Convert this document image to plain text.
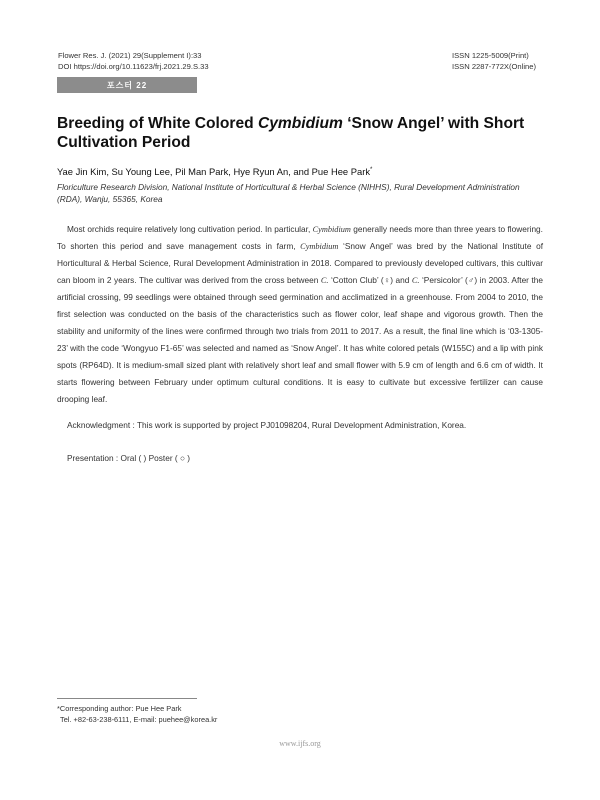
Flower Res. J. (2021) 29(Supplement I):33
DOI https://doi.org/10.11623/frj.2021.29.S.33
ISSN 1225-5009(Print)
ISSN 2287-772X(Online)
포스터 22
Breeding of White Colored Cymbidium ‘Snow Angel’ with Short Cultivation Period
Yae Jin Kim, Su Young Lee, Pil Man Park, Hye Ryun An, and Pue Hee Park*
Floriculture Research Division, National Institute of Horticultural & Herbal Science (NIHHS), Rural Development Administration (RDA), Wanju, 55365, Korea
Most orchids require relatively long cultivation period. In particular, Cymbidium generally needs more than three years to flowering. To shorten this period and save management costs in farm, Cymbidium ‘Snow Angel’ was bred by the National Institute of Horticultural & Herbal Science, Rural Development Administration in 2018. Compared to previously developed cultivars, this cultivar can bloom in 2 years. The cultivar was derived from the cross between C. ‘Cotton Club’ (♀) and C. ‘Persicolor’ (♂) in 2003. After the artificial crossing, 99 seedlings were obtained through seed germination and acclimatized in a greenhouse. From 2004 to 2010, the first selection was conducted on the basis of the characteristics such as flower color, leaf shape and vigorous growth. Then the stability and uniformity of the lines were confirmed through two trials from 2011 to 2017. As a result, the final line which is ‘03-1305-23’ with the code ‘Wongyuo F1-65’ was selected and named as ‘Snow Angel’. It has white colored petals (W155C) and a lip with pink spots (RP64D). It is medium-small sized plant with relatively short leaf and small flower with 5.9 cm of length and 6.6 cm of width. It starts flowering between February under optimum cultural conditions. It is easy to cultivate but excessive fertilizer can cause drooping leaf.
Acknowledgment : This work is supported by project PJ01098204, Rural Development Administration, Korea.
Presentation : Oral ( ) Poster ( ○ )
*Corresponding author: Pue Hee Park
Tel. +82-63-238-6111, E-mail: puehee@korea.kr
www.ijfs.org
